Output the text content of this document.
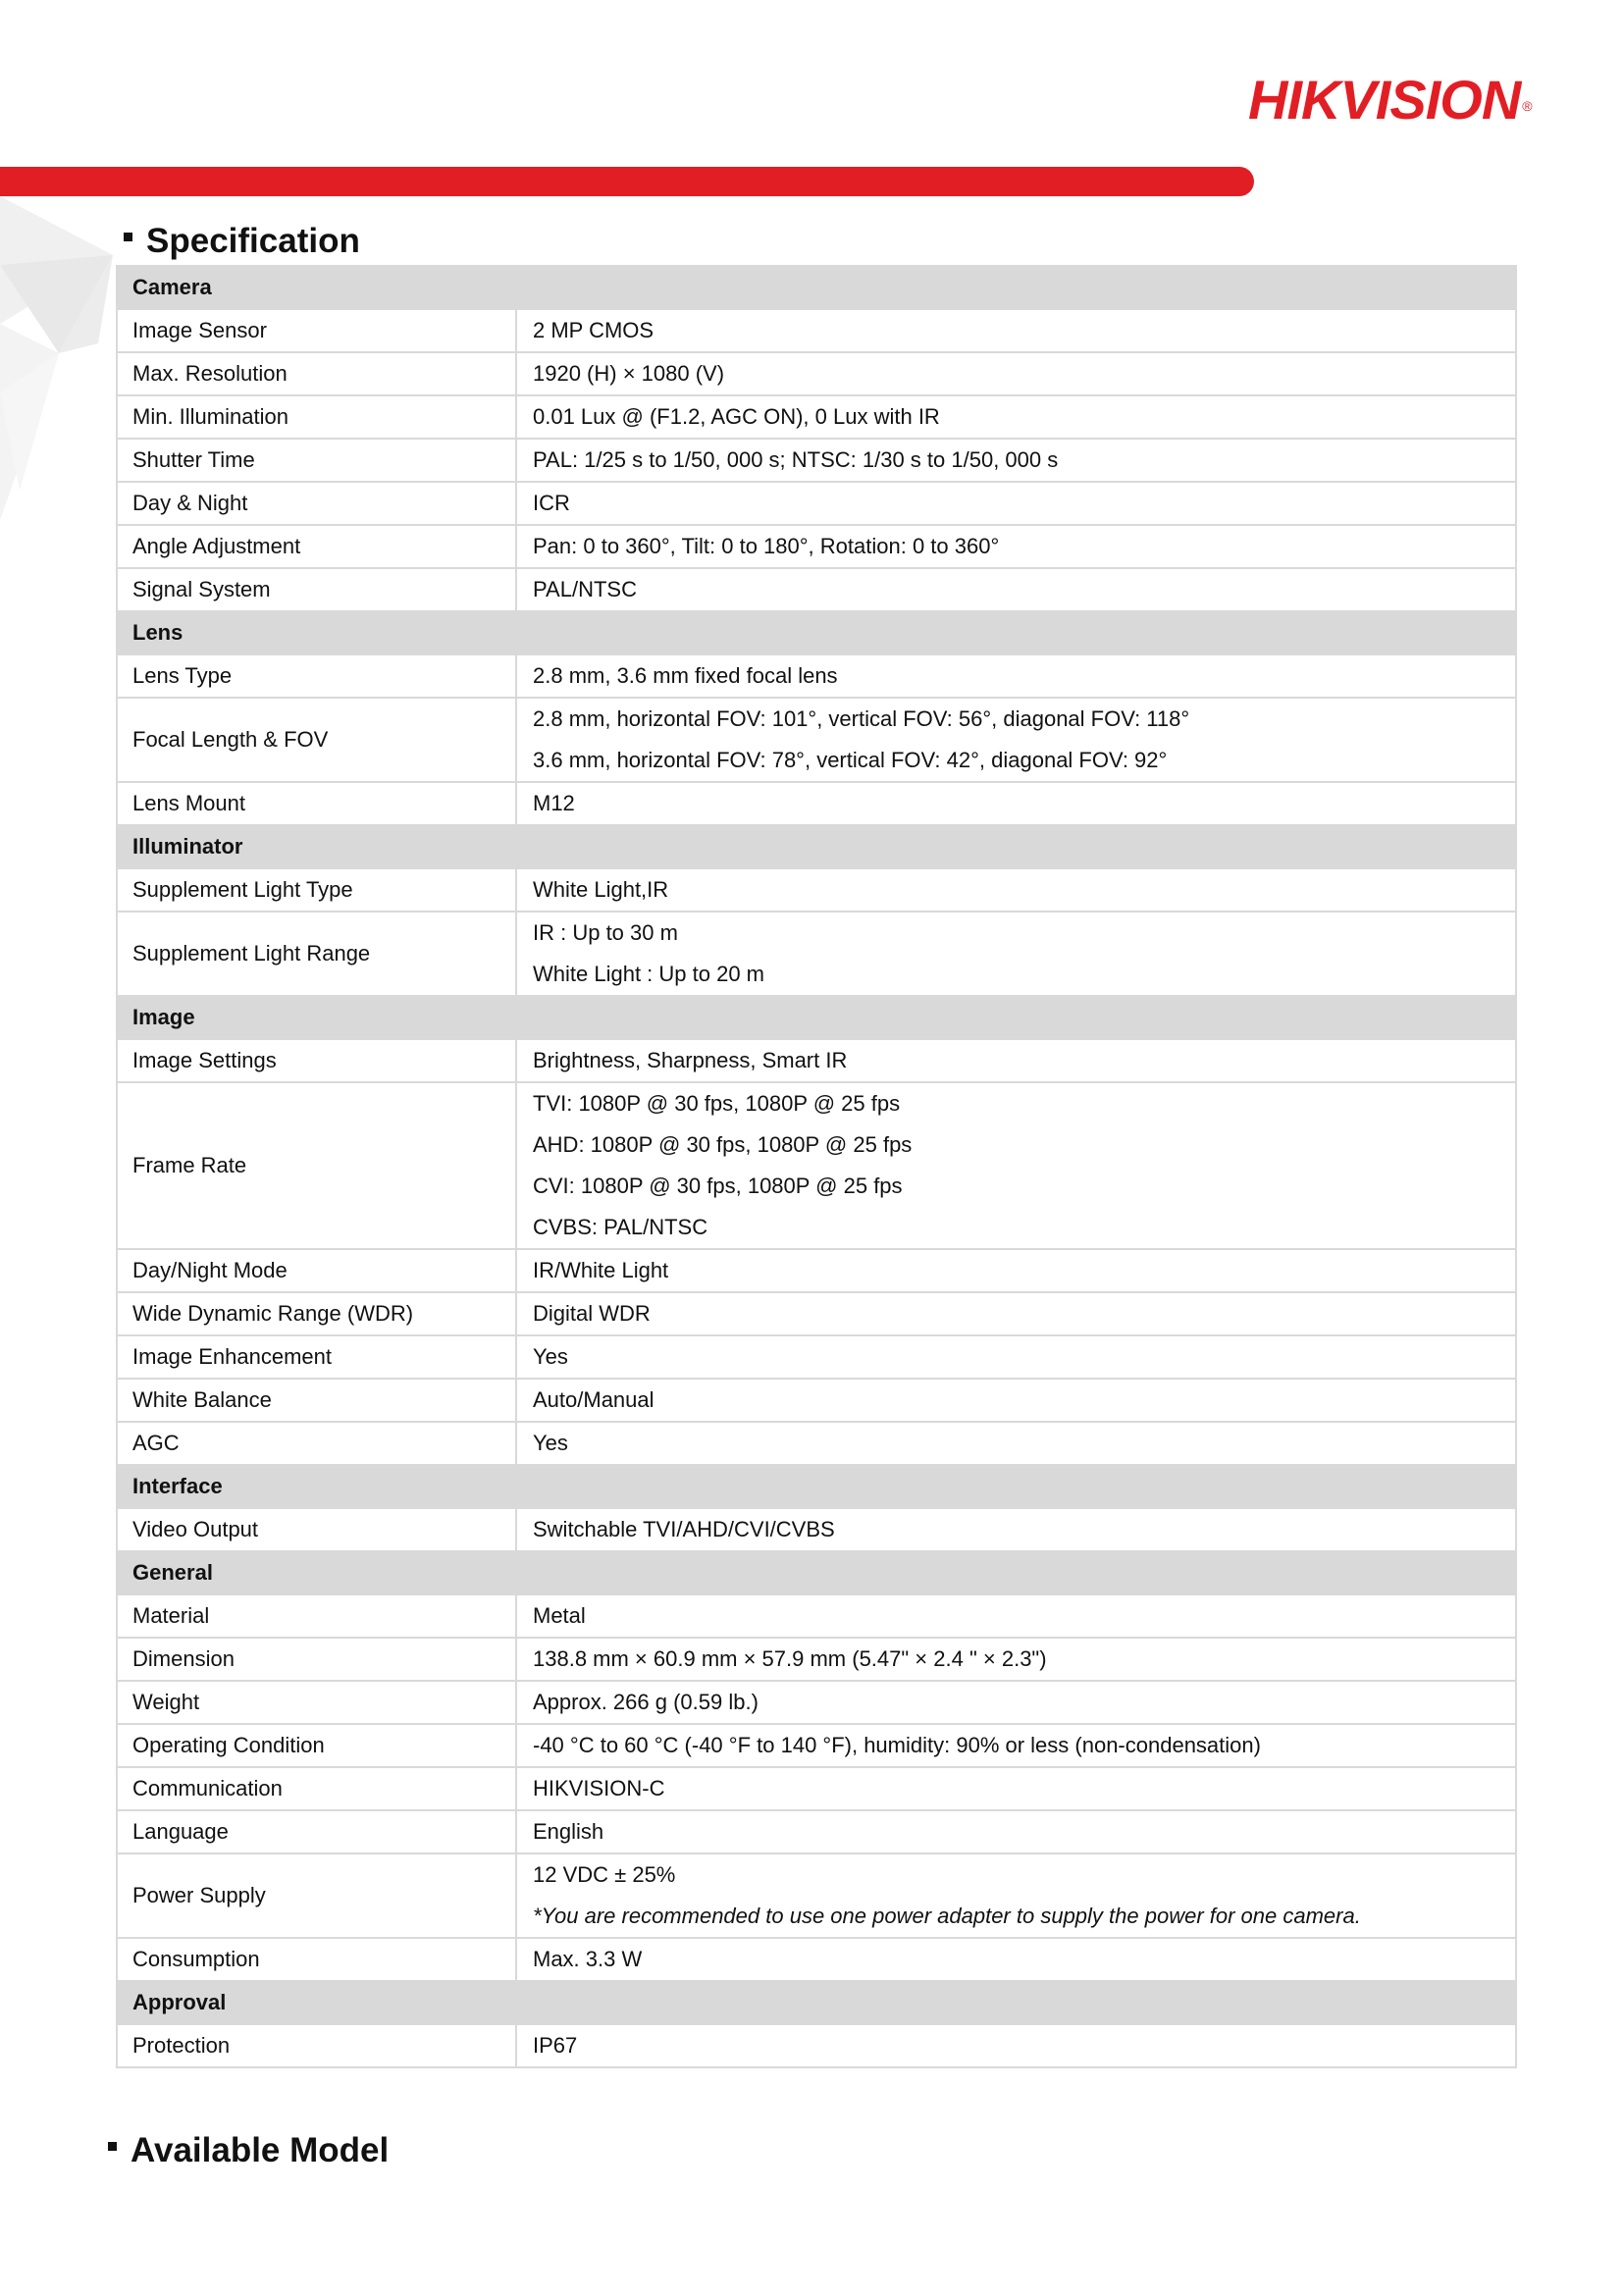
HIKVISION ®
Specification
Camera	
Image Sensor	2 MP CMOS

Max. Resolution	1920 (H) × 1080 (V)

Min. Illumination	0.01 Lux @ (F1.2, AGC ON), 0 Lux with IR

Shutter Time	PAL: 1/25 s to 1/50, 000 s; NTSC: 1/30 s to 1/50, 000 s

Day & Night	ICR

Angle Adjustment	Pan: 0 to 360°, Tilt: 0 to 180°, Rotation: 0 to 360°

Signal System	PAL/NTSC

Lens	
Lens Type	2.8 mm, 3.6 mm fixed focal lens

Focal Length & FOV	2.8 mm, horizontal FOV: 101°, vertical FOV: 56°, diagonal FOV: 118°
3.6 mm, horizontal FOV: 78°, vertical FOV: 42°, diagonal FOV: 92°

Lens Mount	M12

Illuminator	
Supplement Light Type	White Light,IR

Supplement Light Range	IR : Up to 30 m
White Light : Up to 20 m

Image	
Image Settings	Brightness, Sharpness, Smart IR

Frame Rate	TVI: 1080P @ 30 fps, 1080P @ 25 fps
AHD: 1080P @ 30 fps, 1080P @ 25 fps
CVI: 1080P @ 30 fps, 1080P @ 25 fps
CVBS: PAL/NTSC

Day/Night Mode	IR/White Light

Wide Dynamic Range (WDR)	Digital WDR

Image Enhancement	Yes

White Balance	Auto/Manual

AGC	Yes

Interface	
Video Output	Switchable TVI/AHD/CVI/CVBS

General	
Material	Metal

Dimension	138.8 mm × 60.9 mm × 57.9 mm (5.47" × 2.4 " × 2.3")

Weight	Approx. 266 g (0.59 lb.)

Operating Condition	-40 °C to 60 °C (-40 °F to 140 °F), humidity: 90% or less (non-condensation)

Communication	HIKVISION-C

Language	English

Power Supply	12 VDC ± 25%
*You are recommended to use one power adapter to supply the power for one camera.

Consumption	Max. 3.3 W

Approval	
Protection	IP67
Available Model
